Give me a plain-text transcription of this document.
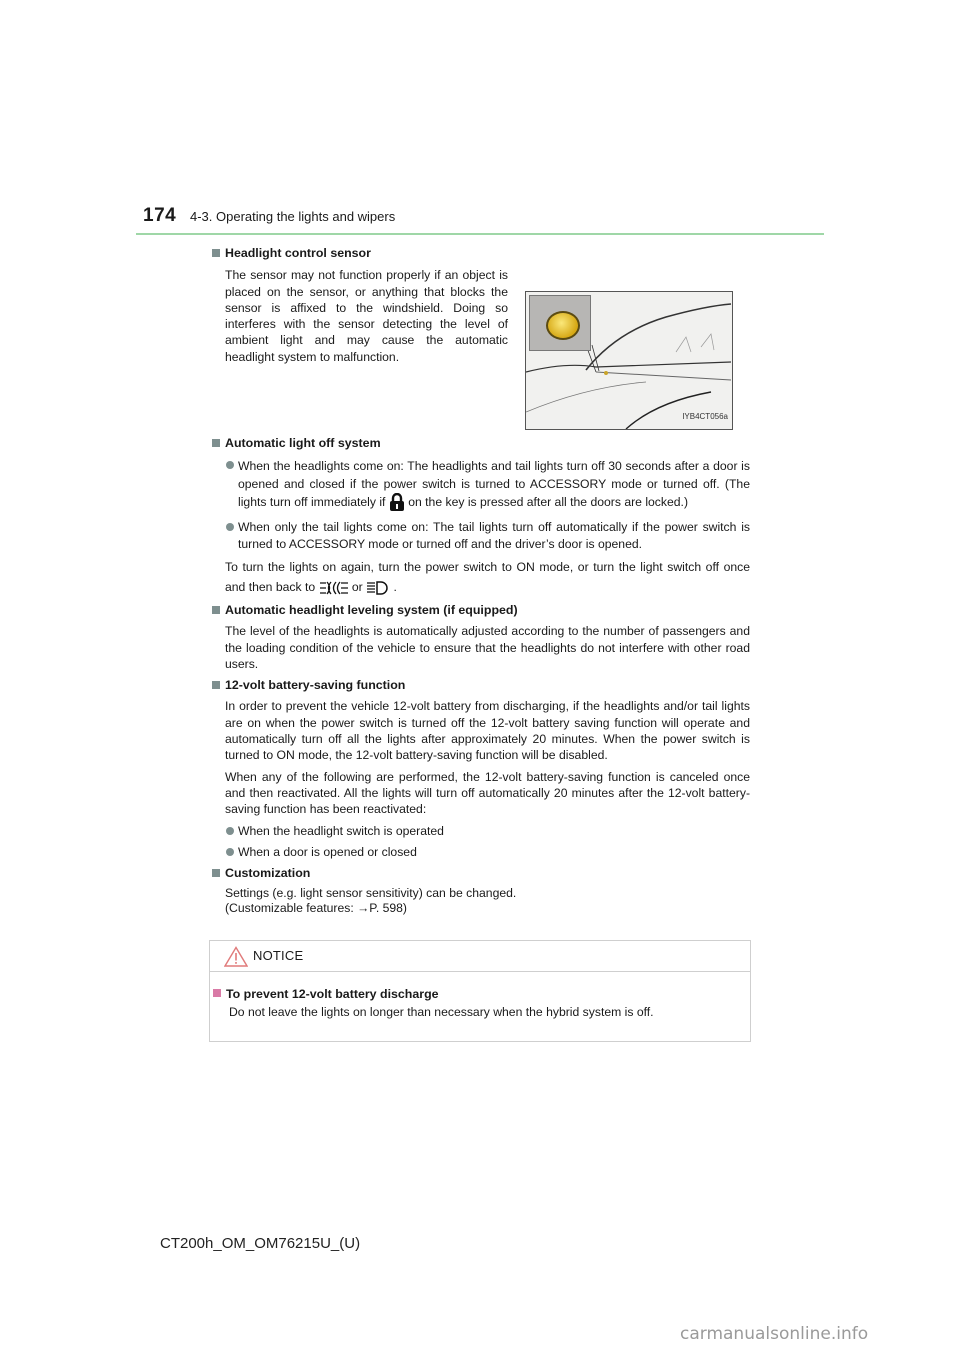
174 4-3. Operating the lights and wipers

Headlight control sensor

The sensor may not function properly if an object is placed on the sensor, or anything that blocks the sensor is affixed to the windshield. Doing so interferes with the sensor detecting the level of ambient light and may cause the automatic headlight system to malfunction.
IYB4CT056a

Automatic light off system

When the headlights come on: The headlights and tail lights turn off 30 seconds after a door is opened and closed if the power switch is turned to ACCESSORY mode or turned off. (The lights turn off immediately if  on the key is pressed after all the doors are locked.)

When only the tail lights come on: The tail lights turn off automatically if the power switch is turned to ACCESSORY mode or turned off and the driver’s door is opened.

To turn the lights on again, turn the power switch to ON mode, or turn the light switch off once and then back to  or  .

Automatic headlight leveling system (if equipped)

The level of the headlights is automatically adjusted according to the number of passengers and the loading condition of the vehicle to ensure that the headlights do not interfere with other road users.

12-volt battery-saving function

In order to prevent the vehicle 12-volt battery from discharging, if the headlights and/or tail lights are on when the power switch is turned off the 12-volt battery saving function will operate and automatically turn off all the lights after approximately 20 minutes. When the power switch is turned to ON mode, the 12-volt battery-saving function will be disabled.

When any of the following are performed, the 12-volt battery-saving function is canceled once and then reactivated. All the lights will turn off automatically 20 minutes after the 12-volt battery-saving function has been reactivated:

When the headlight switch is operated

When a door is opened or closed

Customization

Settings (e.g. light sensor sensitivity) can be changed.
(Customizable features: →P. 598)

NOTICE

To prevent 12-volt battery discharge

Do not leave the lights on longer than necessary when the hybrid system is off.

CT200h_OM_OM76215U_(U)
carmanualsonline.info
